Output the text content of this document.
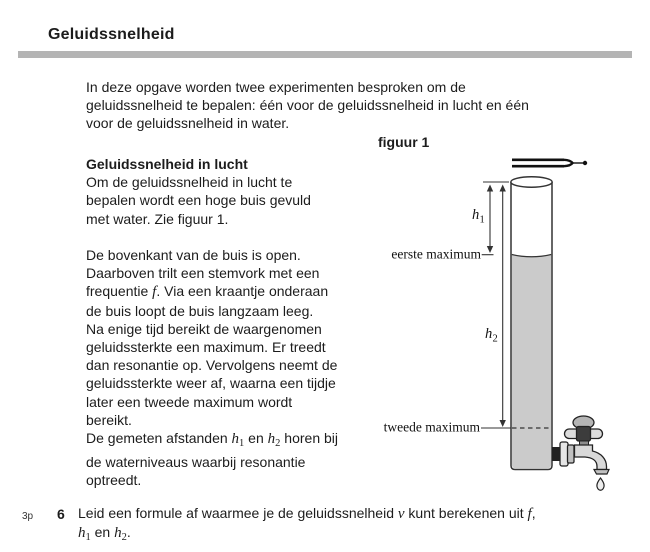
Geluidssnelheid
In deze opgave worden twee experimenten besproken om de
geluidssnelheid te bepalen: één voor de geluidssnelheid in lucht en één
voor de geluidssnelheid in water.
figuur 1
Geluidssnelheid in lucht
Om de geluidssnelheid in lucht te
bepalen wordt een hoge buis gevuld
met water. Zie figuur 1.
De bovenkant van de buis is open.
Daarboven trilt een stemvork met een
frequentie f. Via een kraantje onderaan
de buis loopt de buis langzaam leeg.
Na enige tijd bereikt de waargenomen
geluidssterkte een maximum. Er treedt
dan resonantie op. Vervolgens neemt de
geluidssterkte weer af, waarna een tijdje
later een tweede maximum wordt
bereikt.
De gemeten afstanden $h_1$ en $h_2$ horen bij
de waterniveaus waarbij resonantie
optreedt.
h 1
h 2
eerste maximum
tweede maximum
3p 6 Leid een formule af waarmee je de geluidssnelheid v kunt berekenen uit f,
$h_1$ en $h_2$.
